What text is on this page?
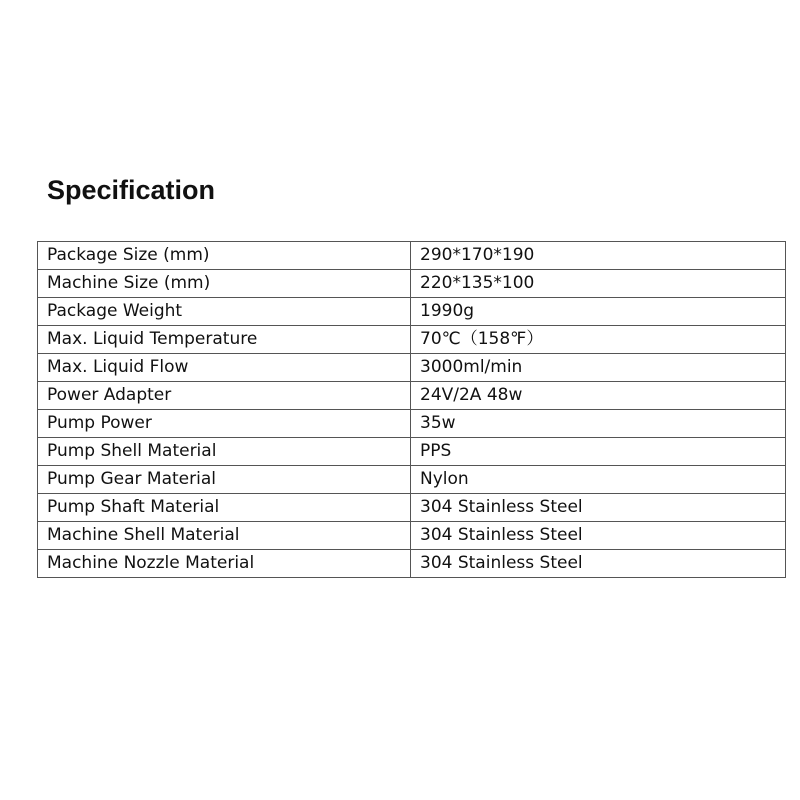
Specification
Package Size (mm)	290*170*190
Machine Size (mm)	220*135*100
Package Weight	1990g
Max. Liquid Temperature	70℃（158℉）
Max. Liquid Flow	3000ml/min
Power Adapter	24V/2A 48w
Pump Power	35w
Pump Shell Material	PPS
Pump Gear Material	Nylon
Pump Shaft Material	304 Stainless Steel
Machine Shell Material	304 Stainless Steel
Machine Nozzle Material	304 Stainless Steel
